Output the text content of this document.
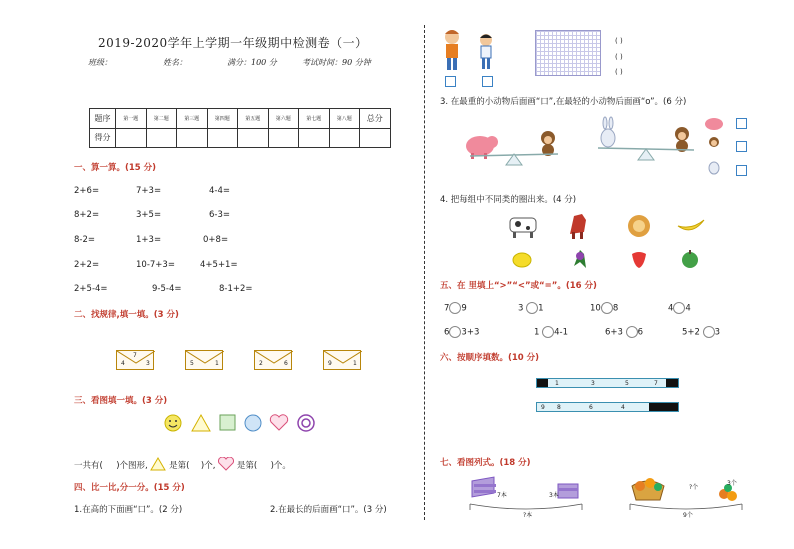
2019-2020学年上学期一年级期中检测卷（一）
班级：	姓名：	满分：100 分	考试时间：90 分钟
题序	第一题	第二题	第三题	第四题	第五题	第六题	第七题	第八题	总分
得分									
一、算一算。(15 分)
2+6=	7+3=	4-4=
8+2=	3+5=	6-3=
8-2=	1+3=	0+8=
2+2=	10-7+3=	4+5+1=
2+5-4=	9-5-4=	8-1+2=
二、找规律,填一填。(3 分)
7
4	3	5	1	2	6	9	1
三、看图填一填。(3 分)
一共有( )个图形,	是第( )个,	是第( )个。
四、比一比,分一分。(15 分)
1.在高的下面画“口”。(2 分)	2.在最长的后面画“口”。(3 分)
( )
( )
( )
3. 在最重的小动物后面画“口”,在最轻的小动物后面画“o”。(6 分)
4. 把每组中不同类的圈出来。(4 分)
五、在 里填上“>”“<”或“=”。(16 分)
7 9	3 1	10 8	4 4
6 3+3	1 4-1	6+3 6	5+2 3
六、按顺序填数。(10 分)
1	3	5	7
9 8	6	4
七、看图列式。(18 分)
7本	3本
?本
?个
3个
9个
